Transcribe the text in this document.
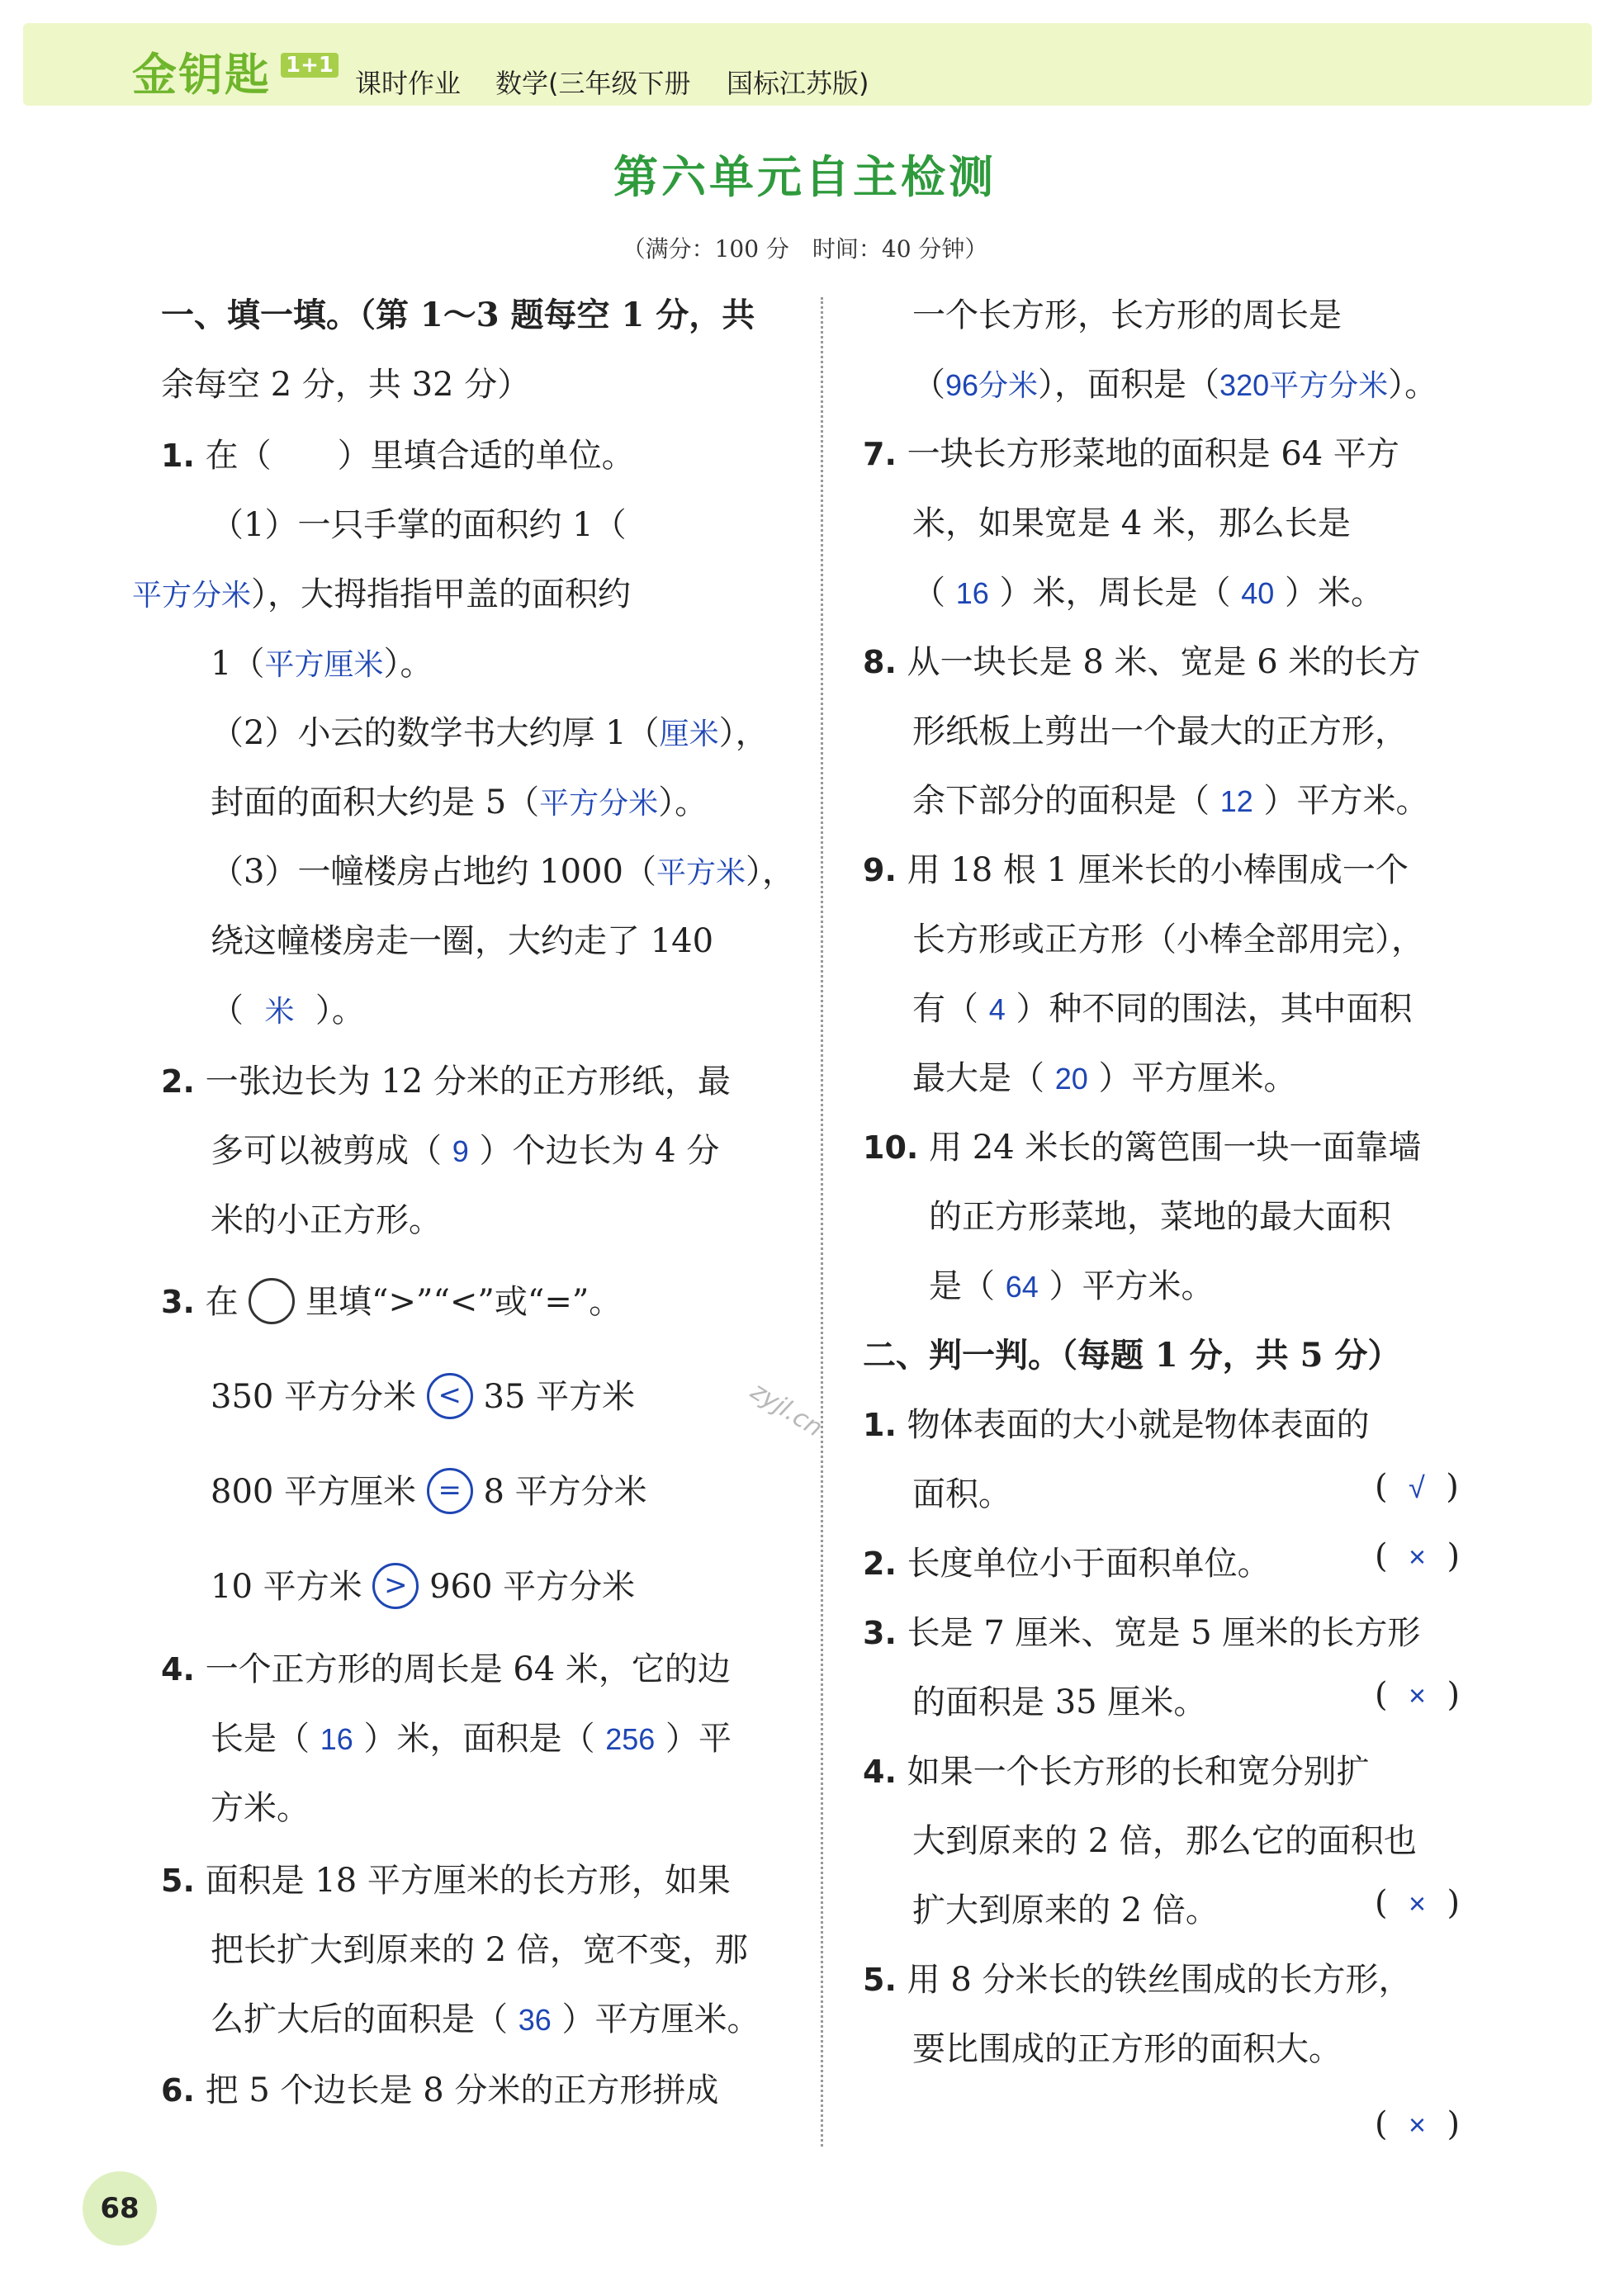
金钥匙 1+1
课时作业 数学(三年级下册 国标江苏版)
第六单元自主检测
（满分：100 分　时间：40 分钟）
一、填一填。（第 1～3 题每空 1 分，共
余每空 2 分，共 32 分）
1. 在（　　）里填合适的单位。
（1）一只手掌的面积约 1（
平方分米），大拇指指甲盖的面积约
1（平方厘米）。
（2）小云的数学书大约厚 1（厘米），
封面的面积大约是 5（平方分米）。
（3）一幢楼房占地约 1000（平方米），
绕这幢楼房走一圈，大约走了 140
（ 米 ）。
2. 一张边长为 12 分米的正方形纸，最
多可以被剪成（ 9 ）个边长为 4 分
米的小正方形。
3. 在 里填“>”“<”或“=”。
350 平方分米 < 35 平方米
800 平方厘米 = 8 平方分米
10 平方米 > 960 平方分米
4. 一个正方形的周长是 64 米，它的边
长是（ 16 ）米，面积是（ 256 ）平
方米。
5. 面积是 18 平方厘米的长方形，如果
把长扩大到原来的 2 倍，宽不变，那
么扩大后的面积是（ 36 ）平方厘米。
6. 把 5 个边长是 8 分米的正方形拼成
一个长方形，长方形的周长是
（96分米），面积是（320平方分米）。
7. 一块长方形菜地的面积是 64 平方
米，如果宽是 4 米，那么长是
（ 16 ）米，周长是（ 40 ）米。
8. 从一块长是 8 米、宽是 6 米的长方
形纸板上剪出一个最大的正方形，
余下部分的面积是（ 12 ）平方米。
9. 用 18 根 1 厘米长的小棒围成一个
长方形或正方形（小棒全部用完），
有（ 4 ）种不同的围法，其中面积
最大是（ 20 ）平方厘米。
10. 用 24 米长的篱笆围一块一面靠墙
的正方形菜地，菜地的最大面积
是（ 64 ）平方米。
二、判一判。（每题 1 分，共 5 分）
1. 物体表面的大小就是物体表面的
面积。	(  √  )
2. 长度单位小于面积单位。	(  ×  )
3. 长是 7 厘米、宽是 5 厘米的长方形
的面积是 35 厘米。	(  ×  )
4. 如果一个长方形的长和宽分别扩
大到原来的 2 倍，那么它的面积也
扩大到原来的 2 倍。	(  ×  )
5. 用 8 分米长的铁丝围成的长方形，
要比围成的正方形的面积大。
(  ×  )
zyjl.cn
68
